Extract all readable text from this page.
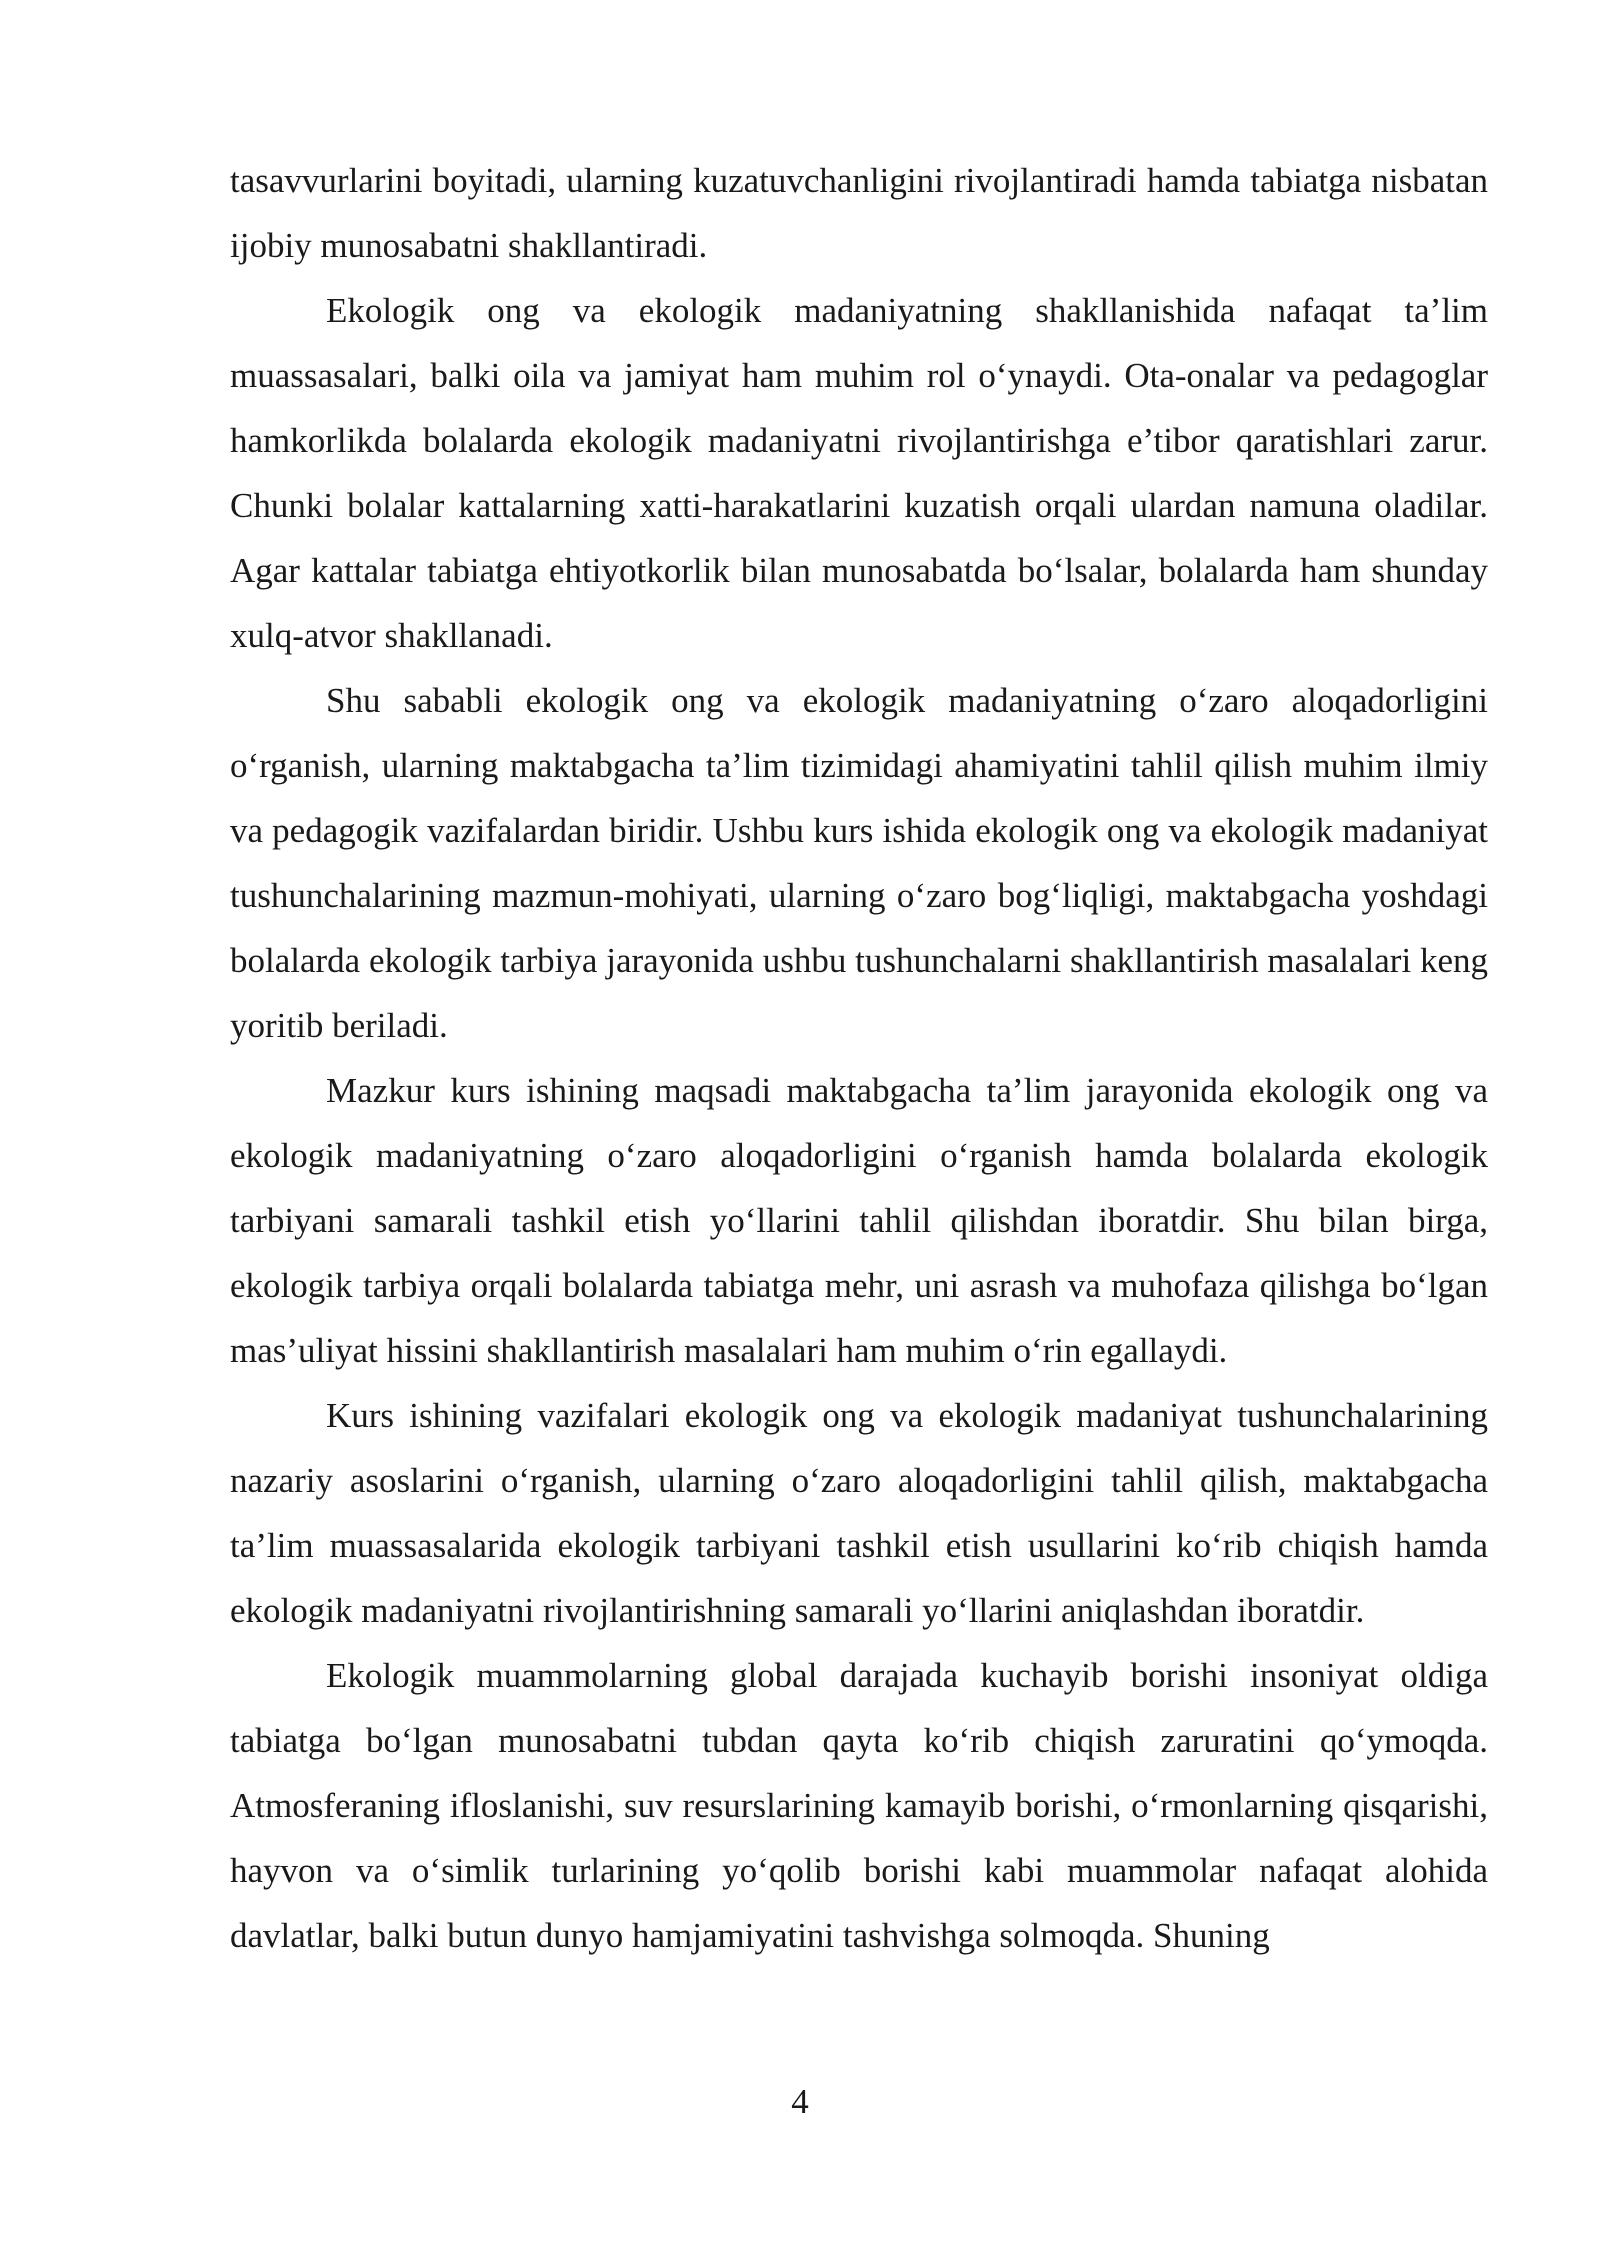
tasavvurlarini boyitadi, ularning kuzatuvchanligini rivojlantiradi hamda tabiatga nisbatan ijobiy munosabatni shakllantiradi.

Ekologik ong va ekologik madaniyatning shakllanishida nafaqat ta’lim muassasalari, balki oila va jamiyat ham muhim rol o‘ynaydi. Ota-onalar va pedagoglar hamkorlikda bolalarda ekologik madaniyatni rivojlantirishga e’tibor qaratishlari zarur. Chunki bolalar kattalarning xatti-harakatlarini kuzatish orqali ulardan namuna oladilar. Agar kattalar tabiatga ehtiyotkorlik bilan munosabatda bo‘lsalar, bolalarda ham shunday xulq-atvor shakllanadi.

Shu sababli ekologik ong va ekologik madaniyatning o‘zaro aloqadorligini o‘rganish, ularning maktabgacha ta’lim tizimidagi ahamiyatini tahlil qilish muhim ilmiy va pedagogik vazifalardan biridir. Ushbu kurs ishida ekologik ong va ekologik madaniyat tushunchalarining mazmun-mohiyati, ularning o‘zaro bog‘liqligi, maktabgacha yoshdagi bolalarda ekologik tarbiya jarayonida ushbu tushunchalarni shakllantirish masalalari keng yoritib beriladi.

Mazkur kurs ishining maqsadi maktabgacha ta’lim jarayonida ekologik ong va ekologik madaniyatning o‘zaro aloqadorligini o‘rganish hamda bolalarda ekologik tarbiyani samarali tashkil etish yo‘llarini tahlil qilishdan iboratdir. Shu bilan birga, ekologik tarbiya orqali bolalarda tabiatga mehr, uni asrash va muhofaza qilishga bo‘lgan mas’uliyat hissini shakllantirish masalalari ham muhim o‘rin egallaydi.

Kurs ishining vazifalari ekologik ong va ekologik madaniyat tushunchalarining nazariy asoslarini o‘rganish, ularning o‘zaro aloqadorligini tahlil qilish, maktabgacha ta’lim muassasalarida ekologik tarbiyani tashkil etish usullarini ko‘rib chiqish hamda ekologik madaniyatni rivojlantirishning samarali yo‘llarini aniqlashdan iboratdir.

Ekologik muammolarning global darajada kuchayib borishi insoniyat oldiga tabiatga bo‘lgan munosabatni tubdan qayta ko‘rib chiqish zaruratini qo‘ymoqda. Atmosferaning ifloslanishi, suv resurslarining kamayib borishi, o‘rmonlarning qisqarishi, hayvon va o‘simlik turlarining yo‘qolib borishi kabi muammolar nafaqat alohida davlatlar, balki butun dunyo hamjamiyatini tashvishga solmoqda. Shuning

4
